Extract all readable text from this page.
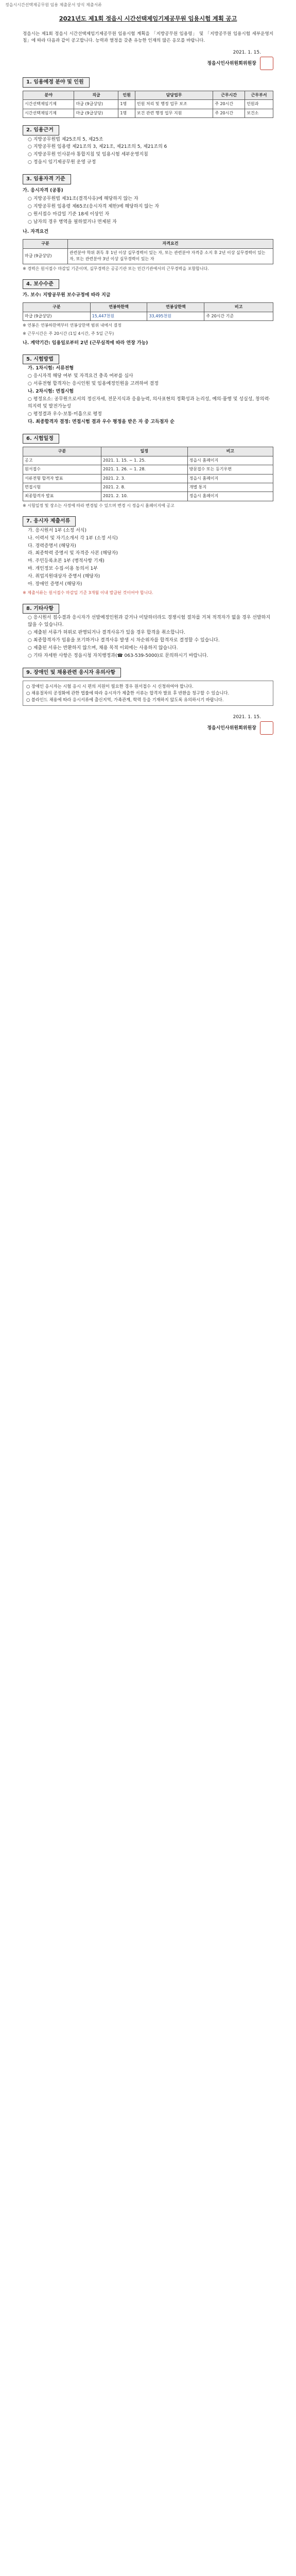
정읍시시간선택제공무원 임용 제출문서 양식 제출서류
2021년도 제1회 정읍시 시간선택제임기제공무원 임용시험 계획 공고
정읍시는 제1회 정읍시 시간선택제임기제공무원 임용시험 계획을 「지방공무원 임용령」 및 「지방공무원 임용시험 세부운영지침」에 따라 다음과 같이 공고합니다. 능력과 열정을 갖춘 유능한 인재의 많은 응모를 바랍니다.
2021. 1. 15.
정읍시인사위원회위원장
1. 임용예정 분야 및 인원
분야	직급	인원	담당업무	근무시간	근무부서
시간선택제임기제	마급 (9급상당)	1명	민원 처리 및 행정 업무 보조	주 20시간	민원과
시간선택제임기제	마급 (9급상당)	1명	보건 관련 행정 업무 지원	주 20시간	보건소
2. 임용근거
○ 지방공무원법 제25조의 5, 제25조
○ 지방공무원 임용령 제21조의 3, 제21조, 제21조의 5, 제21조의 6
○ 지방공무원 인사분야 통합지침 및 임용시험 세부운영지침
○ 정읍시 임기제공무원 운영 규정
3. 임용자격 기준
가. 응시자격 (공통)
○ 지방공무원법 제31조(결격사유)에 해당하지 않는 자
○ 지방공무원 임용령 제65조(응시자격 제한)에 해당하지 않는 자
○ 원서접수 마감일 기준 18세 이상인 자
○ 남자의 경우 병역을 필하였거나 면제된 자
나. 자격요건
구분	자격요건
마급 (9급상당)	관련분야 학위 취득 후 1년 이상 실무경력이 있는 자, 또는 관련분야 자격증 소지 후 2년 이상 실무경력이 있는 자, 또는 관련분야 3년 이상 실무경력이 있는 자
※ 경력은 원서접수 마감일 기준이며, 실무경력은 공공기관 또는 민간기관에서의 근무경력을 포함합니다.
4. 보수수준
가. 보수: 지방공무원 보수규정에 따라 지급
구분	연봉하한액	연봉상한액	비고
마급 (9급상당)	15,447천원	33,495천원	주 20시간 기준
※ 연봉은 연봉하한액부터 연봉상한액 범위 내에서 결정
※ 근무시간은 주 20시간 (1일 4시간, 주 5일 근무)
나. 계약기간: 임용일로부터 2년 (근무실적에 따라 연장 가능)
5. 시험방법
가. 1차시험: 서류전형
○ 응시자격 해당 여부 및 자격요건 충족 여부를 심사
○ 서류전형 합격자는 응시인원 및 임용예정인원을 고려하여 결정
나. 2차시험: 면접시험
○ 평정요소: 공무원으로서의 정신자세, 전문지식과 응용능력, 의사표현의 정확성과 논리성, 예의·품행 및 성실성, 창의력·의지력 및 발전가능성
○ 평정결과 우수·보통·미흡으로 평정
다. 최종합격자 결정: 면접시험 결과 우수 평정을 받은 자 중 고득점자 순
6. 시험일정
구분	일정	비고
공고	2021. 1. 15. ~ 1. 25.	정읍시 홈페이지
원서접수	2021. 1. 26. ~ 1. 28.	방문접수 또는 등기우편
서류전형 합격자 발표	2021. 2. 3.	정읍시 홈페이지
면접시험	2021. 2. 8.	개별 통지
최종합격자 발표	2021. 2. 10.	정읍시 홈페이지
※ 시험일정 및 장소는 사정에 따라 변경될 수 있으며 변경 시 정읍시 홈페이지에 공고
7. 응시자 제출서류
가. 응시원서 1부 (소정 서식)
나. 이력서 및 자기소개서 각 1부 (소정 서식)
다. 경력증명서 (해당자)
라. 최종학력 증명서 및 자격증 사본 (해당자)
마. 주민등록초본 1부 (병적사항 기재)
바. 개인정보 수집·이용 동의서 1부
사. 취업지원대상자 증명서 (해당자)
아. 장애인 증명서 (해당자)
※ 제출서류는 원서접수 마감일 기준 3개월 이내 발급된 것이어야 합니다.
8. 기타사항
○ 응시원서 접수결과 응시자가 선발예정인원과 같거나 미달하더라도 경쟁시험 절차를 거쳐 적격자가 없을 경우 선발하지 않을 수 있습니다.
○ 제출된 서류가 허위로 판명되거나 결격사유가 있을 경우 합격을 취소합니다.
○ 최종합격자가 임용을 포기하거나 결격사유 발생 시 차순위자를 합격자로 결정할 수 있습니다.
○ 제출된 서류는 반환하지 않으며, 채용 목적 이외에는 사용하지 않습니다.
○ 기타 자세한 사항은 정읍시청 자치행정과(☎ 063-539-5000)로 문의하시기 바랍니다.
9. 장애인 및 채용관련 응시자 유의사항
○ 장애인 응시자는 시험 응시 시 편의 지원이 필요한 경우 원서접수 시 신청하여야 합니다.
○ 채용절차의 공정화에 관한 법률에 따라 응시자가 제출한 서류는 합격자 발표 후 반환을 청구할 수 있습니다.
○ 블라인드 채용에 따라 응시서류에 출신지역, 가족관계, 학력 등을 기재하지 않도록 유의하시기 바랍니다.
2021. 1. 15.
정읍시인사위원회위원장
